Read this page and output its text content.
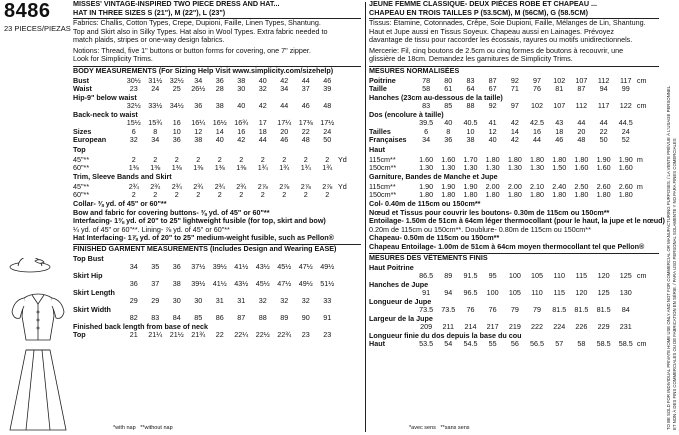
8486
23 PIECES/PIEZAS
MISSES' VINTAGE-INSPIRED TWO PIECE DRESS AND HAT...
HAT IN THREE SIZES S (21"), M (22"), L (23")
Fabrics: Challis, Cotton Types, Crepe, Dupioni, Faille, Linen Types, Shantung.
Top and Skirt also in Silky Types. Hat also in Wool Types. Extra fabric needed to
match plaids, stripes or one-way design fabrics.
Notions: Thread, five 1" buttons or button forms for covering, one 7" zipper.
Look for Simplicity Trims.
BODY MEASUREMENTS (For Sizing Help Visit www.simplicity.com/sizehelp)
Bust	30½	31½	32½	34	36	38	40	42	44	46
Waist	23	24	25	26½	28	30	32	34	37	39
Hip-9" below waist
32½	33½	34½	36	38	40	42	44	46	48
Back-neck to waist
15½	15¾	16	16¼	16½	16¾	17	17¼	17⅜	17½
Sizes	6	8	10	12	14	16	18	20	22	24
European	32	34	36	38	40	42	44	46	48	50
Top
45"**	2	2	2	2	2	2	2	2	2	2	Yd
60"**	1⅜	1⅜	1⅜	1⅜	1⅜	1⅜	1¾	1¾	1¾	1¾
Trim, Sleeve Bands and Skirt
45"**	2¾	2¾	2¾	2¾	2¾	2¾	2⅞	2⅞	2⅞	2⅞ Yd
60"**	2	2	2	2	2	2	2	2	2	2
Collar- ⅜ yd. of 45" or 60"**
Bow and fabric for covering buttons- ⅜ yd. of 45" or 60"**
Interfacing- 1⅜ yd. of 20" to 25" lightweight fusible (for top, skirt and bow)
¼ yd. of 45" or 60"**. Lining- ⅞ yd. of 45" or 60"**
Hat Interfacing- 1⅞ yd. of 20" to 25" medium-weight fusible, such as Pellon®
FINISHED GARMENT MEASUREMENTS (Includes Design and Wearing EASE)
Top Bust
34	35	36	37½	39½	41½	43½	45½	47½	49½
Skirt Hip
36	37	38	39½	41½	43½	45½	47½	49½	51½
Skirt Length
29	29	30	30	31	31	32	32	32	33
Skirt Width
82	83	84	85	86	87	88	89	90	91
Finished back length from base of neck
Top	21	21¼	21½	21¾	22	22¼	22½	22¾	23	23
*with nap   **without nap
JEUNE FEMME CLASSIQUE- DEUX PIÈCES ROBE ET CHAPEAU ...
CHAPEAU EN TROIS TAILLES P (53.5CM), M (56CM), G (58.5CM)
Tissus: Étamine, Cotonnades, Crêpe, Soie Dupioni, Faille, Mélanges de Lin, Shantung.
Haut et Jupe aussi en Tissus Soyeux. Chapeau aussi en Lainages. Prévoyez
davantage de tissu pour raccorder les écossais, rayures ou motifs unidirectionnels.
Mercerie: Fil, cinq boutons de 2.5cm ou cinq formes de boutons à recouvrir, une
glissière de 18cm. Demandez les garnitures de Simplicity Trims.
MESURES NORMALISÉES
Poitrine	78	80	83	87	92	97	102	107	112	117 cm
Taille	58	61	64	67	71	76	81	87	94	99
Hanches (23cm au-dessous de la taille)
83	85	88	92	97	102	107	112	117	122 cm
Dos (encolure à taille)
39.5	40	40.5	41	42	42.5	43	44	44	44.5
Tailles	6	8	10	12	14	16	18	20	22	24
Françaises	34	36	38	40	42	44	46	48	50	52
Haut
115cm**	1.60	1.60	1.70	1.80	1.80	1.80	1.80	1.80	1.90	1.90 m
150cm**	1.30	1.30	1.30	1.30	1.30	1.30	1.50	1.60	1.60	1.60
Garniture, Bandes de Manche et Jupe
115cm**	1.90	1.90	1.90	2.00	2.00	2.10	2.40	2.50	2.60	2.60 m
150cm**	1.80	1.80	1.80	1.80	1.80	1.80	1.80	1.80	1.80	1.80
Col- 0.40m de 115cm ou 150cm**
Nœud et Tissus pour couvrir les boutons- 0.30m de 115cm ou 150cm**
Entoilage- 1.50m de 51cm à 64cm léger thermocollant (pour le haut, la jupe et le nœud)
0.20m de 115cm ou 150cm**. Doublure- 0.80m de 115cm ou 150cm**
Chapeau- 0.50m de 115cm ou 150cm**
Chapeau Entoilage- 1.00m de 51cm à 64cm moyen thermocollant tel que Pellon®
MESURES DES VÊTEMENTS FINIS
Haut Poitrine
86.5	89	91.5	95	100	105	110	115	120	125 cm
Hanches de Jupe
91	94	96.5	100	105	110	115	120	125	130
Longueur de Jupe
73.5	73.5	76	76	79	79	81.5	81.5	81.5	84
Largeur de la Jupe
209	211	214	217	219	222	224	226	229	231
Longueur finie du dos depuis la base du cou
Haut	53.5	54	54.5	55	56	56.5	57	58	58.5	58.5 cm
*avec sens   **sans sens	TO BE SOLD FOR INDIVIDUAL PRIVATE HOME USE ONLY AND NOT FOR COMMERCIAL OR MANUFACTURING PURPOSES. / LA VENTE PRÉVUE À L'USAGE PERSONNEL ET NON À DES FINS COMMERCIALES OU DE FABRICATION EN SÉRIE. / PARA USO PERSONAL SOLAMENTE Y NO PARA FINES COMERCIALES
